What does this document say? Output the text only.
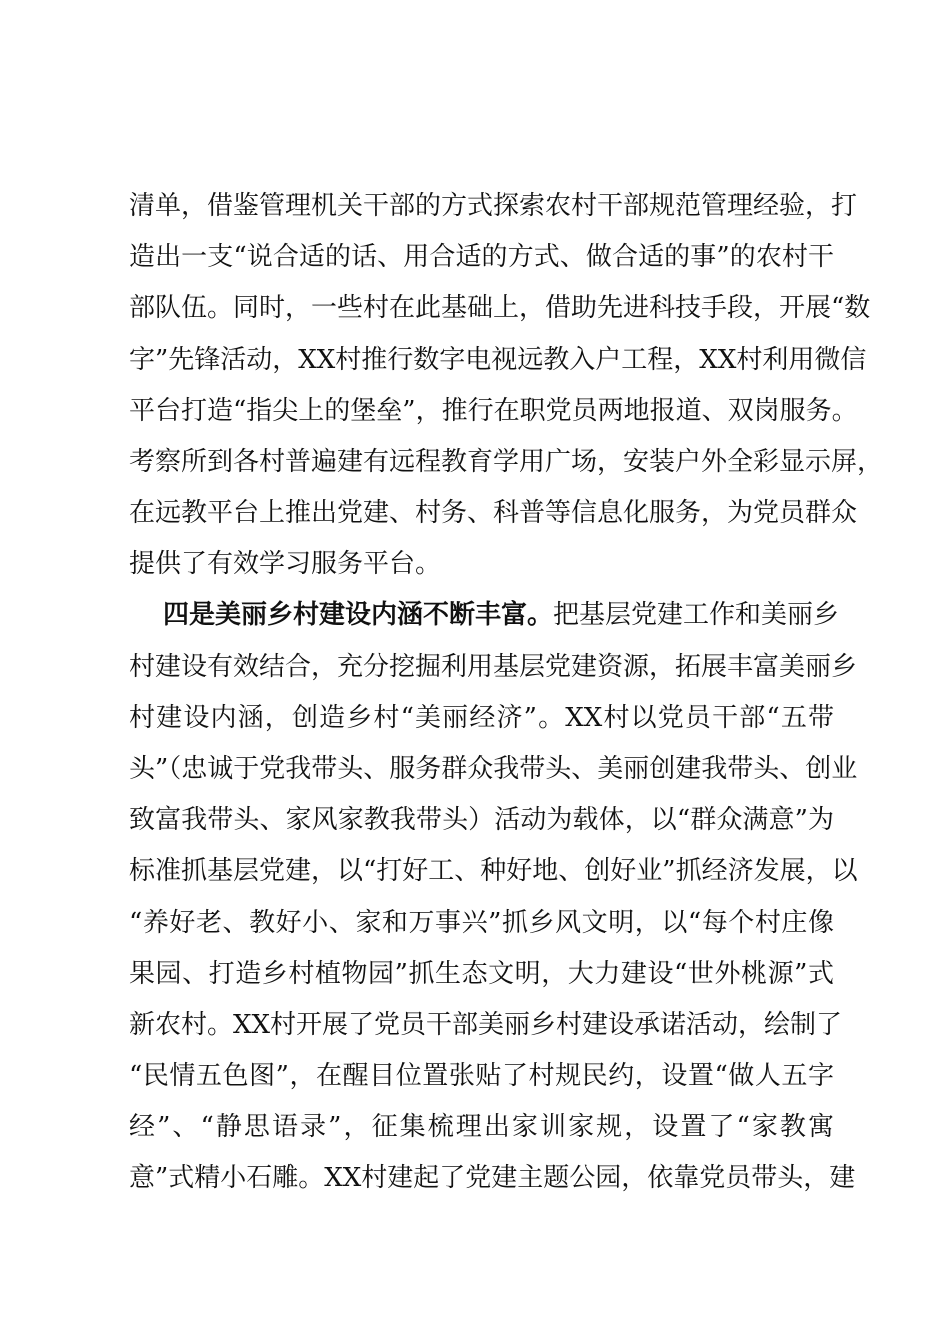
清单，借鉴管理机关干部的方式探索农村干部规范管理经验，打
造出一支“说合适的话、用合适的方式、做合适的事”的农村干
部队伍。同时，一些村在此基础上，借助先进科技手段，开展“数
字”先锋活动，XX村推行数字电视远教入户工程，XX村利用微信
平台打造“指尖上的堡垒”，推行在职党员两地报道、双岗服务。
考察所到各村普遍建有远程教育学用广场，安装户外全彩显示屏，
在远教平台上推出党建、村务、科普等信息化服务，为党员群众
提供了有效学习服务平台。
四是美丽乡村建设内涵不断丰富。把基层党建工作和美丽乡
村建设有效结合，充分挖掘利用基层党建资源，拓展丰富美丽乡
村建设内涵，创造乡村“美丽经济”。XX村以党员干部“五带
头”（忠诚于党我带头、服务群众我带头、美丽创建我带头、创业
致富我带头、家风家教我带头）活动为载体，以“群众满意”为
标准抓基层党建，以“打好工、种好地、创好业”抓经济发展，以
“养好老、教好小、家和万事兴”抓乡风文明，以“每个村庄像
果园、打造乡村植物园”抓生态文明，大力建设“世外桃源”式
新农村。XX村开展了党员干部美丽乡村建设承诺活动，绘制了
“民情五色图”，在醒目位置张贴了村规民约，设置“做人五字
经”、“静思语录”，征集梳理出家训家规，设置了“家教寓
意”式精小石雕。XX村建起了党建主题公园，依靠党员带头，建
